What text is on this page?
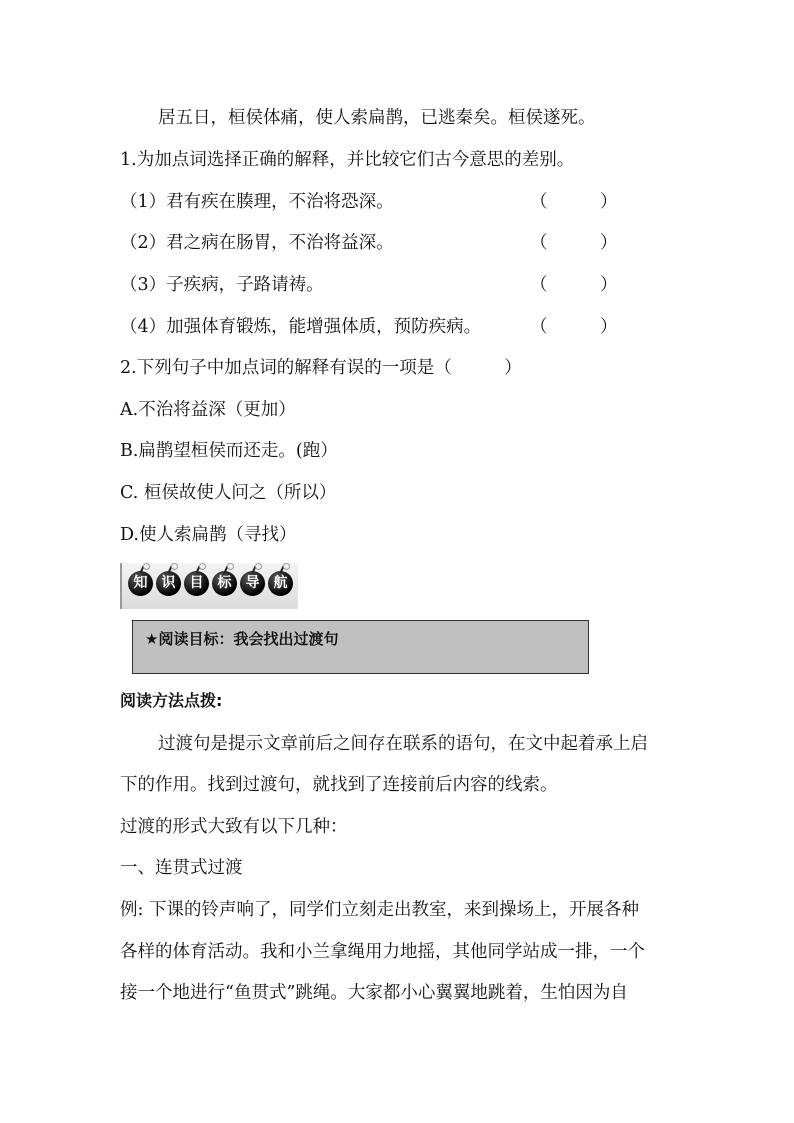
居五日，桓侯体痛，使人索扁鹊，已逃秦矣。桓侯遂死。
1.为加点词选择正确的解释，并比较它们古今意思的差别。
（1）君有疾在腠理，不治将恐深。	（　　　）
（2）君之病在肠胃，不治将益深。	（　　　）
（3）子疾病，子路请祷。	（　　　）
（4）加强体育锻炼，能增强体质，预防疾病。	（　　　）
2.下列句子中加点词的解释有误的一项是（　　　）
A.不治将益深（更加）
B.扁鹊望桓侯而还走。(跑）
C. 桓侯故使人问之（所以）
D.使人索扁鹊（寻找）
知	识	目	标	导	航
★阅读目标：我会找出过渡句
阅读方法点拨:
过渡句是提示文章前后之间存在联系的语句，在文中起着承上启
下的作用。找到过渡句，就找到了连接前后内容的线索。
过渡的形式大致有以下几种：
一、连贯式过渡
例: 下课的铃声响了，同学们立刻走出教室，来到操场上，开展各种
各样的体育活动。我和小兰拿绳用力地摇，其他同学站成一排，一个
接一个地进行“鱼贯式”跳绳。大家都小心翼翼地跳着，生怕因为自
